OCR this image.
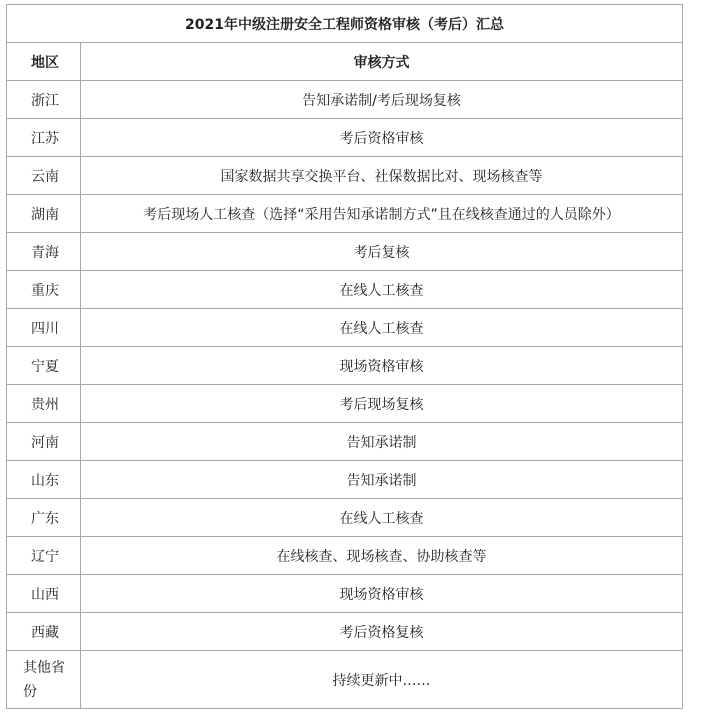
2021年中级注册安全工程师资格审核（考后）汇总	
地区	审核方式
浙江	告知承诺制/考后现场复核
江苏	考后资格审核
云南	国家数据共享交换平台、社保数据比对、现场核查等
湖南	考后现场人工核查（选择“采用告知承诺制方式”且在线核查通过的人员除外）
青海	考后复核
重庆	在线人工核查
四川	在线人工核查
宁夏	现场资格审核
贵州	考后现场复核
河南	告知承诺制
山东	告知承诺制
广东	在线人工核查
辽宁	在线核查、现场核查、协助核查等
山西	现场资格审核
西藏	考后资格复核
其他省份	持续更新中……
